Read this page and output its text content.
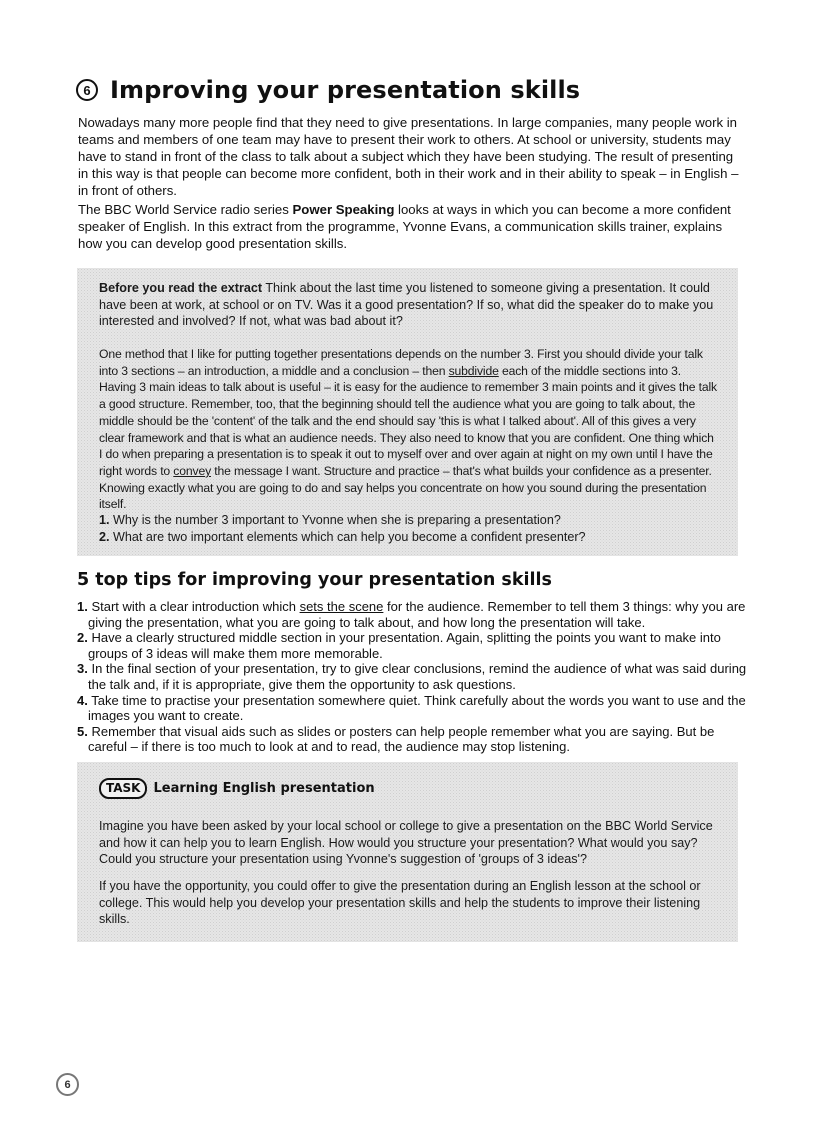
6 Improving your presentation skills

Nowadays many more people find that they need to give presentations. In large companies, many people work in teams and members of one team may have to present their work to others. At school or university, students may have to stand in front of the class to talk about a subject which they have been studying. The result of presenting in this way is that people can become more confident, both in their work and in their ability to speak – in English – in front of others.

The BBC World Service radio series Power Speaking looks at ways in which you can become a more confident speaker of English. In this extract from the programme, Yvonne Evans, a communication skills trainer, explains how you can develop good presentation skills.

Before you read the extract Think about the last time you listened to someone giving a presentation. It could have been at work, at school or on TV. Was it a good presentation? If so, what did the speaker do to make you interested and involved? If not, what was bad about it?

One method that I like for putting together presentations depends on the number 3. First you should divide your talk into 3 sections – an introduction, a middle and a conclusion – then subdivide each of the middle sections into 3. Having 3 main ideas to talk about is useful – it is easy for the audience to remember 3 main points and it gives the talk a good structure. Remember, too, that the beginning should tell the audience what you are going to talk about, the middle should be the 'content' of the talk and the end should say 'this is what I talked about'. All of this gives a very clear framework and that is what an audience needs. They also need to know that you are confident. One thing which I do when preparing a presentation is to speak it out to myself over and over again at night on my own until I have the right words to convey the message I want. Structure and practice – that's what builds your confidence as a presenter. Knowing exactly what you are going to do and say helps you concentrate on how you sound during the presentation itself.

1. Why is the number 3 important to Yvonne when she is preparing a presentation?

2. What are two important elements which can help you become a confident presenter?

5 top tips for improving your presentation skills
1. Start with a clear introduction which sets the scene for the audience. Remember to tell them 3 things: why you are giving the presentation, what you are going to talk about, and how long the presentation will take.
2. Have a clearly structured middle section in your presentation. Again, splitting the points you want to make into groups of 3 ideas will make them more memorable.
3. In the final section of your presentation, try to give clear conclusions, remind the audience of what was said during the talk and, if it is appropriate, give them the opportunity to ask questions.
4. Take time to practise your presentation somewhere quiet. Think carefully about the words you want to use and the images you want to create.
5. Remember that visual aids such as slides or posters can help people remember what you are saying. But be careful – if there is too much to look at and to read, the audience may stop listening.
TASK	Learning English presentation

Imagine you have been asked by your local school or college to give a presentation on the BBC World Service and how it can help you to learn English. How would you structure your presentation? What would you say? Could you structure your presentation using Yvonne's suggestion of 'groups of 3 ideas'?

If you have the opportunity, you could offer to give the presentation during an English lesson at the school or college. This would help you develop your presentation skills and help the students to improve their listening skills.

6
